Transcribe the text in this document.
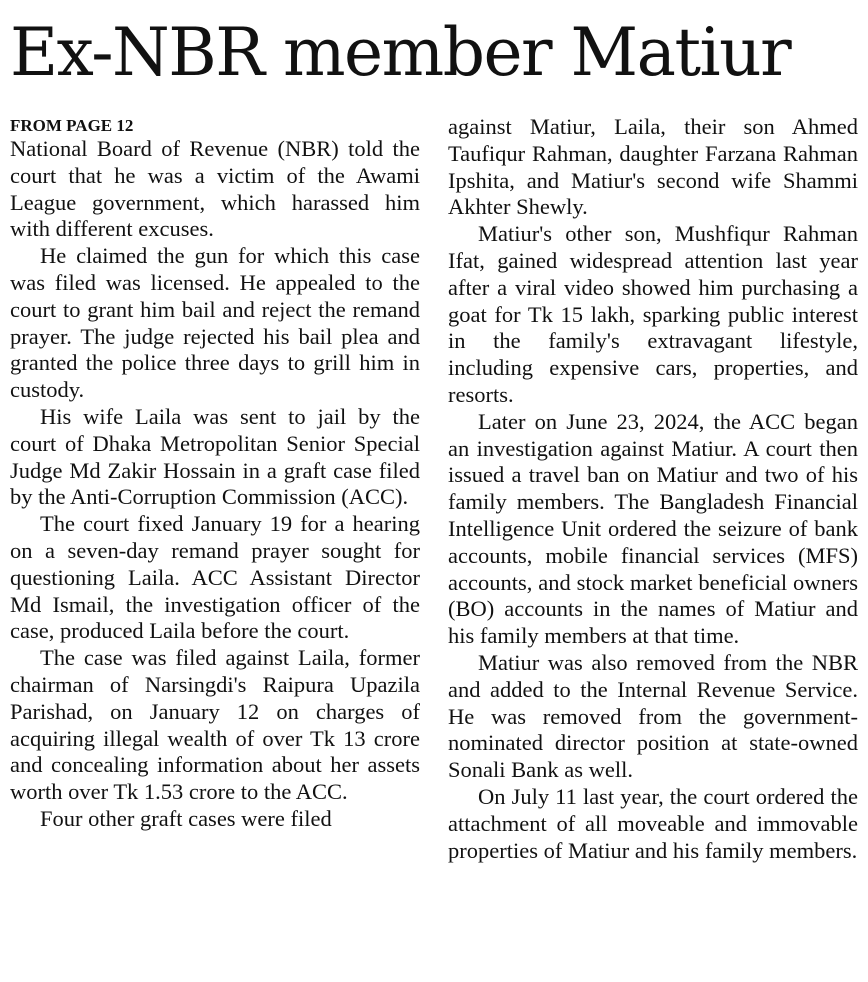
Ex-NBR member Matiur
FROM PAGE 12

National Board of Revenue (NBR) told the court that he was a victim of the Awami League government, which harassed him with different excuses.

He claimed the gun for which this case was filed was licensed. He appealed to the court to grant him bail and reject the remand prayer. The judge rejected his bail plea and granted the police three days to grill him in custody.

His wife Laila was sent to jail by the court of Dhaka Metropolitan Senior Special Judge Md Zakir Hossain in a graft case filed by the Anti-Corruption Commission (ACC).

The court fixed January 19 for a hearing on a seven-day remand prayer sought for questioning Laila. ACC Assistant Director Md Ismail, the investigation officer of the case, produced Laila before the court.

The case was filed against Laila, former chairman of Narsingdi's Raipura Upazila Parishad, on January 12 on charges of acquiring illegal wealth of over Tk 13 crore and concealing information about her assets worth over Tk 1.53 crore to the ACC.

Four other graft cases were filed

against Matiur, Laila, their son Ahmed Taufiqur Rahman, daughter Farzana Rahman Ipshita, and Matiur's second wife Shammi Akhter Shewly.

Matiur's other son, Mushfiqur Rahman Ifat, gained widespread attention last year after a viral video showed him purchasing a goat for Tk 15 lakh, sparking public interest in the family's extravagant lifestyle, including expensive cars, properties, and resorts.

Later on June 23, 2024, the ACC began an investigation against Matiur. A court then issued a travel ban on Matiur and two of his family members. The Bangladesh Financial Intelligence Unit ordered the seizure of bank accounts, mobile financial services (MFS) accounts, and stock market beneficial owners (BO) accounts in the names of Matiur and his family members at that time.

Matiur was also removed from the NBR and added to the Internal Revenue Service. He was removed from the government-nominated director position at state-owned Sonali Bank as well.

On July 11 last year, the court ordered the attachment of all moveable and immovable properties of Matiur and his family members.
